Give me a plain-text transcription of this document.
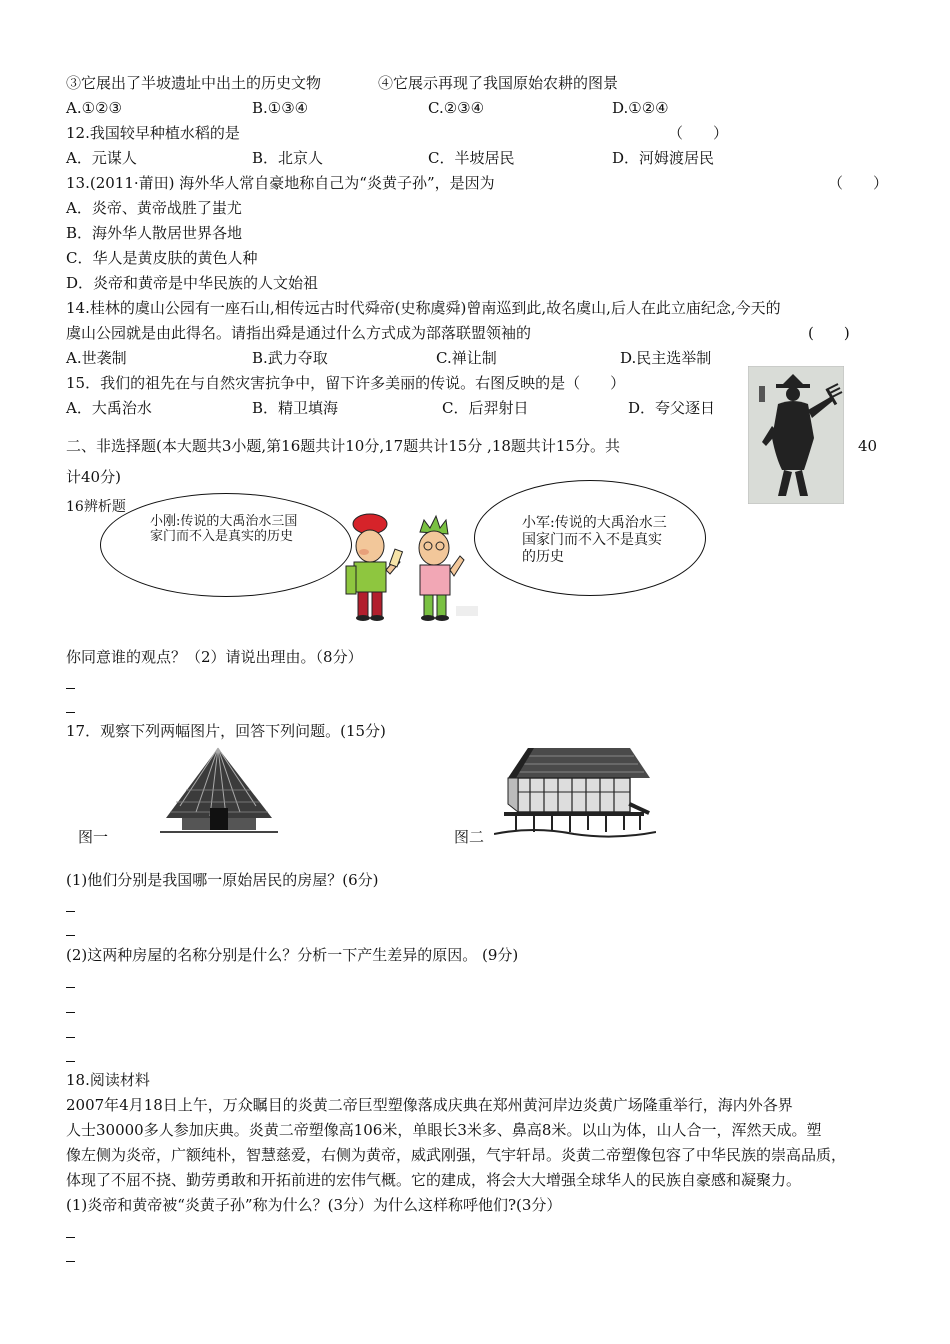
③它展出了半坡遗址中出土的历史文物	④它展示再现了我国原始农耕的图景
A.①②③	B.①③④	C.②③④	D.①②④
12.我国较早种植水稻的是	（　　）
A．元谋人	B．北京人	C．半坡居民	D．河姆渡居民
13.(2011·莆田) 海外华人常自豪地称自己为“炎黄子孙”，是因为	（　　）
A．炎帝、黄帝战胜了蚩尤
B．海外华人散居世界各地
C．华人是黄皮肤的黄色人种
D．炎帝和黄帝是中华民族的人文始祖
14.桂林的虞山公园有一座石山,相传远古时代舜帝(史称虞舜)曾南巡到此,故名虞山,后人在此立庙纪念,今天的
虞山公园就是由此得名。请指出舜是通过什么方式成为部落联盟领袖的	(　　)
A.世袭制	B.武力夺取	C.禅让制	D.民主选举制
15．我们的祖先在与自然灾害抗争中，留下许多美丽的传说。右图反映的是（　　）
A．大禹治水	B．精卫填海	C．后羿射日	D．夸父逐日
二、非选择题(本大题共3小题,第16题共计10分,17题共计15分 ,18题共计15分。共	40
计40分)
16辨析题
小刚:传说的大禹治水三国家门而不入是真实的历史
小军:传说的大禹治水三国家门而不入不是真实的历史
你同意谁的观点？（2）请说出理由。（8分）
17．观察下列两幅图片，回答下列问题。(15分)
图一	图二
(1)他们分别是我国哪一原始居民的房屋？(6分)
(2)这两种房屋的名称分别是什么？分析一下产生差异的原因。 (9分)
18.阅读材料
2007年4月18日上午，万众瞩目的炎黄二帝巨型塑像落成庆典在郑州黄河岸边炎黄广场隆重举行，海内外各界
人士30000多人参加庆典。炎黄二帝塑像高106米，单眼长3米多、鼻高8米。以山为体，山人合一，浑然天成。塑
像左侧为炎帝，广额纯朴，智慧慈爱，右侧为黄帝，威武刚强，气宇轩昂。炎黄二帝塑像包容了中华民族的崇高品质，
体现了不屈不挠、勤劳勇敢和开拓前进的宏伟气概。它的建成，将会大大增强全球华人的民族自豪感和凝聚力。
(1)炎帝和黄帝被“炎黄子孙”称为什么？(3分）为什么这样称呼他们?(3分）
